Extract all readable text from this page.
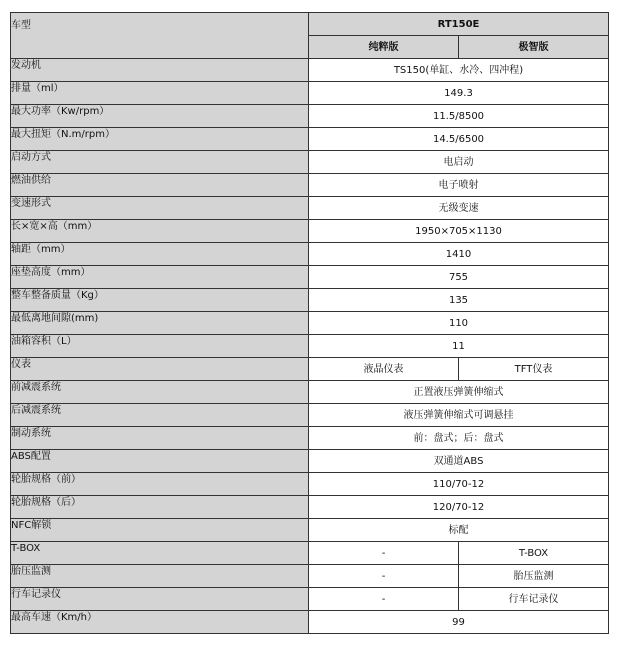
车型	RT150E	
	纯粹版	极智版
发动机	TS150(单缸、水冷、四冲程)	
排量（ml）	149.3	
最大功率（Kw/rpm）	11.5/8500	
最大扭矩（N.m/rpm）	14.5/6500	
启动方式	电启动	
燃油供给	电子喷射	
变速形式	无级变速	
长×宽×高（mm）	1950×705×1130	
轴距（mm）	1410	
座垫高度（mm）	755	
整车整备质量（Kg）	135	
最低离地间隙(mm)	110	
油箱容积（L）	11	
仪表	液晶仪表	TFT仪表
前减震系统	正置液压弹簧伸缩式	
后减震系统	液压弹簧伸缩式可调悬挂	
制动系统	前：盘式；后：盘式	
ABS配置	双通道ABS	
轮胎规格（前）	110/70-12	
轮胎规格（后）	120/70-12	
NFC解锁	标配	
T-BOX	-	T-BOX
胎压监测	-	胎压监测
行车记录仪	-	行车记录仪
最高车速（Km/h）	99	
